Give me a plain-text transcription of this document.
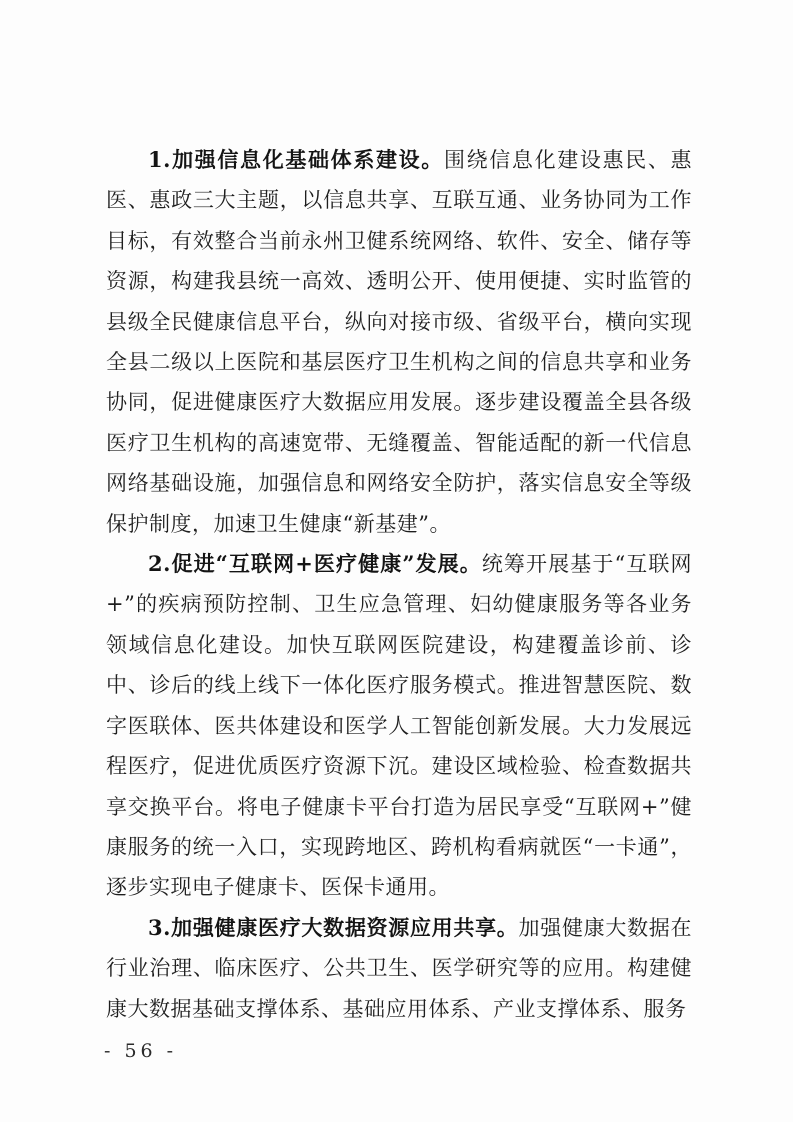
1.加强信息化基础体系建设。围绕信息化建设惠民、惠医、惠政三大主题，以信息共享、互联互通、业务协同为工作目标，有效整合当前永州卫健系统网络、软件、安全、储存等资源，构建我县统一高效、透明公开、使用便捷、实时监管的县级全民健康信息平台，纵向对接市级、省级平台，横向实现全县二级以上医院和基层医疗卫生机构之间的信息共享和业务协同，促进健康医疗大数据应用发展。逐步建设覆盖全县各级医疗卫生机构的高速宽带、无缝覆盖、智能适配的新一代信息网络基础设施，加强信息和网络安全防护，落实信息安全等级保护制度，加速卫生健康“新基建”。

2.促进“互联网+医疗健康”发展。统筹开展基于“互联网+”的疾病预防控制、卫生应急管理、妇幼健康服务等各业务领域信息化建设。加快互联网医院建设，构建覆盖诊前、诊中、诊后的线上线下一体化医疗服务模式。推进智慧医院、数字医联体、医共体建设和医学人工智能创新发展。大力发展远程医疗，促进优质医疗资源下沉。建设区域检验、检查数据共享交换平台。将电子健康卡平台打造为居民享受“互联网+”健康服务的统一入口，实现跨地区、跨机构看病就医“一卡通”，逐步实现电子健康卡、医保卡通用。

3.加强健康医疗大数据资源应用共享。加强健康大数据在行业治理、临床医疗、公共卫生、医学研究等的应用。构建健康大数据基础支撑体系、基础应用体系、产业支撑体系、服务

- 56 -
